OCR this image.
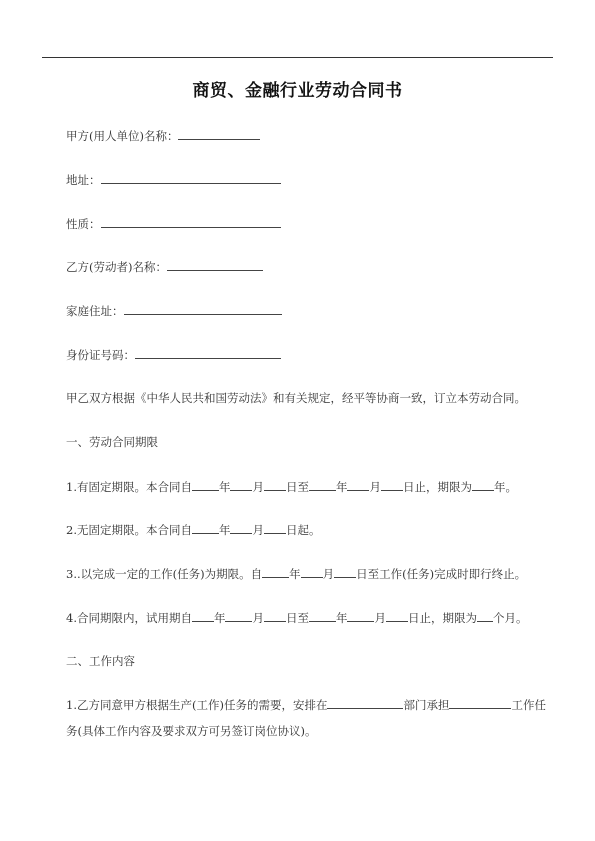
商贸、金融行业劳动合同书
甲方(用人单位)名称：
地址：
性质：
乙方(劳动者)名称：
家庭住址：
身份证号码：
甲乙双方根据《中华人民共和国劳动法》和有关规定，经平等协商一致，订立本劳动合同。
一、劳动合同期限
1.有固定期限。本合同自 年 月 日至 年 月 日止，期限为 年。
2.无固定期限。本合同自 年 月 日起。
3..以完成一定的工作(任务)为期限。自 年 月 日至工作(任务)完成时即行终止。
4.合同期限内，试用期自 年 月 日至 年 月 日止，期限为 个月。
二、工作内容
1.乙方同意甲方根据生产(工作)任务的需要，安排在	部门承担	工作任务(具体工作内容及要求双方可另签订岗位协议)。
